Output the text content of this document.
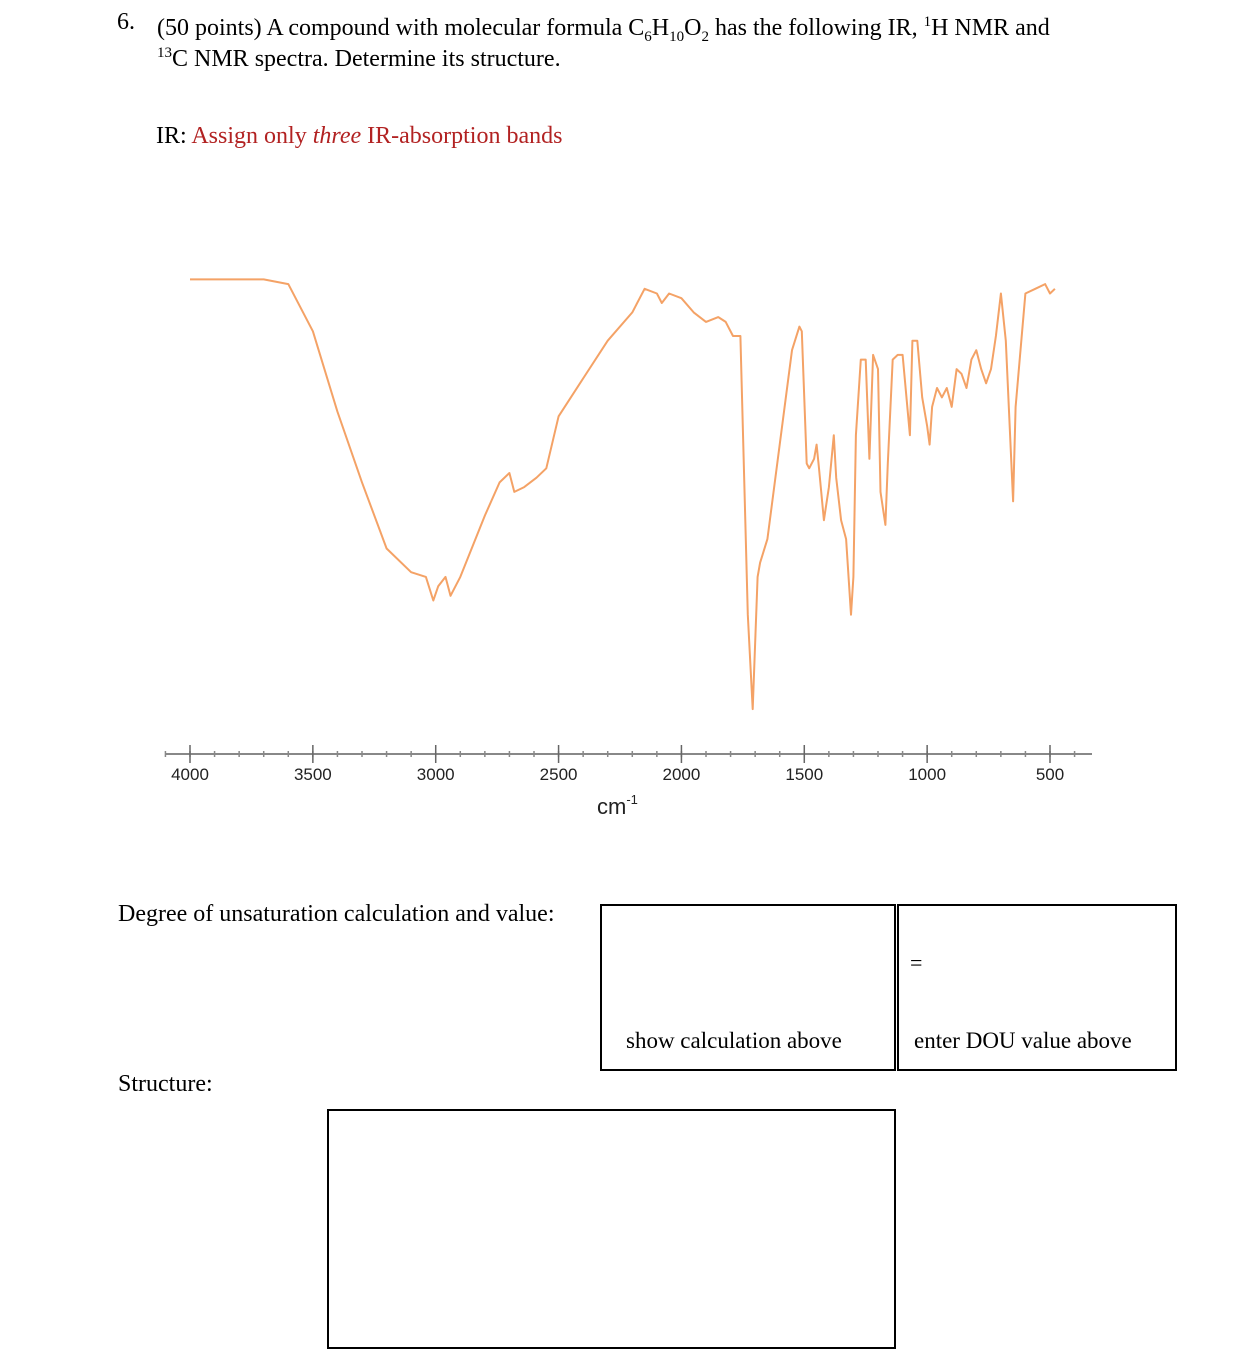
6. (50 points) A compound with molecular formula $C_6H_{10}O_2$ has the following IR, $^1$H NMR and
$^{13}$C NMR spectra. Determine its structure.
IR: Assign only three IR-absorption bands
4000	3500	3000	2500	2000	1500	1000	500
$cm^{-1}$
Degree of unsaturation calculation and value:
show calculation above
=
enter DOU value above
Structure:
